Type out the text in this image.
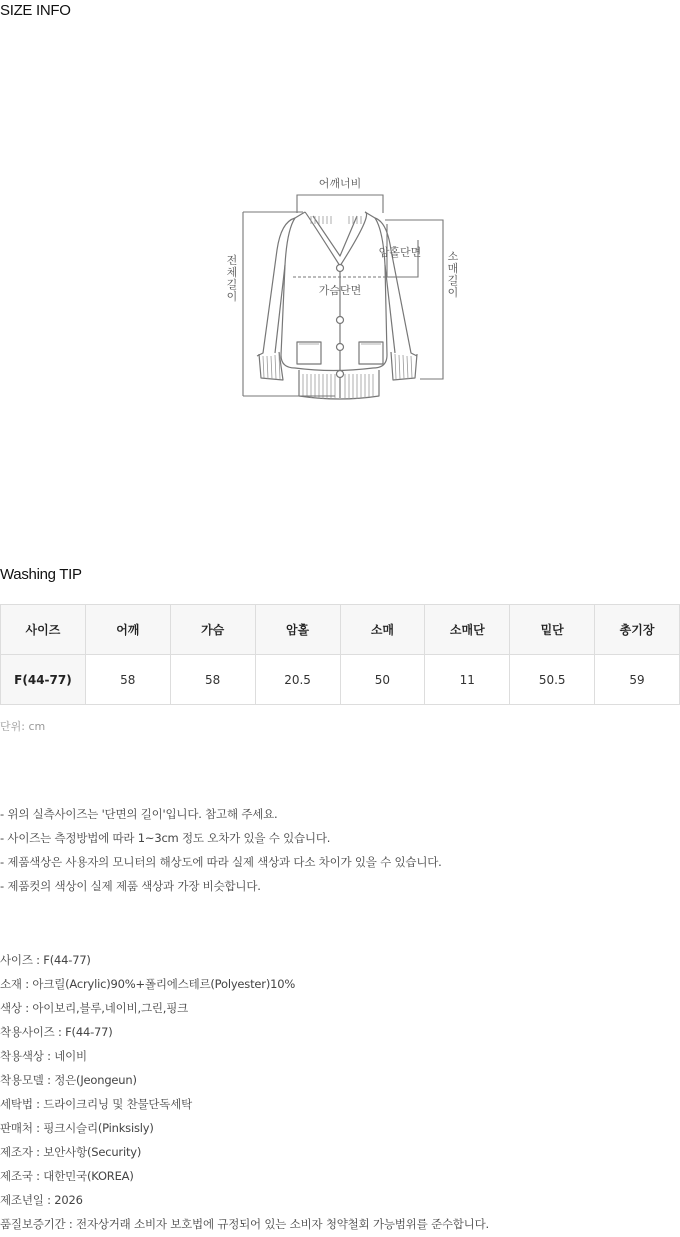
SIZE INFO
어깨너비
암홀단면
가슴단면
전 체 길 이
소 매 길 이
Washing TIP
사이즈	어깨	가슴	암홀	소매	소매단	밑단	총기장
F(44-77)	58	58	20.5	50	11	50.5	59
단위: cm
- 위의 실측사이즈는 '단면의 길이'입니다. 참고해 주세요.
- 사이즈는 측정방법에 따라 1~3cm 정도 오차가 있을 수 있습니다.
- 제품색상은 사용자의 모니터의 해상도에 따라 실제 색상과 다소 차이가 있을 수 있습니다.
- 제품컷의 색상이 실제 제품 색상과 가장 비슷합니다.
사이즈 : F(44-77)
소재 : 아크릴(Acrylic)90%+폴리에스테르(Polyester)10%
색상 : 아이보리,블루,네이비,그린,핑크
착용사이즈 : F(44-77)
착용색상 : 네이비
착용모델 : 정은(Jeongeun)
세탁법 : 드라이크리닝 및 찬물단독세탁
판매처 : 핑크시슬리(Pinksisly)
제조자 : 보안사항(Security)
제조국 : 대한민국(KOREA)
제조년일 : 2026
품질보증기간 : 전자상거래 소비자 보호법에 규정되어 있는 소비자 청약철회 가능범위를 준수합니다.
